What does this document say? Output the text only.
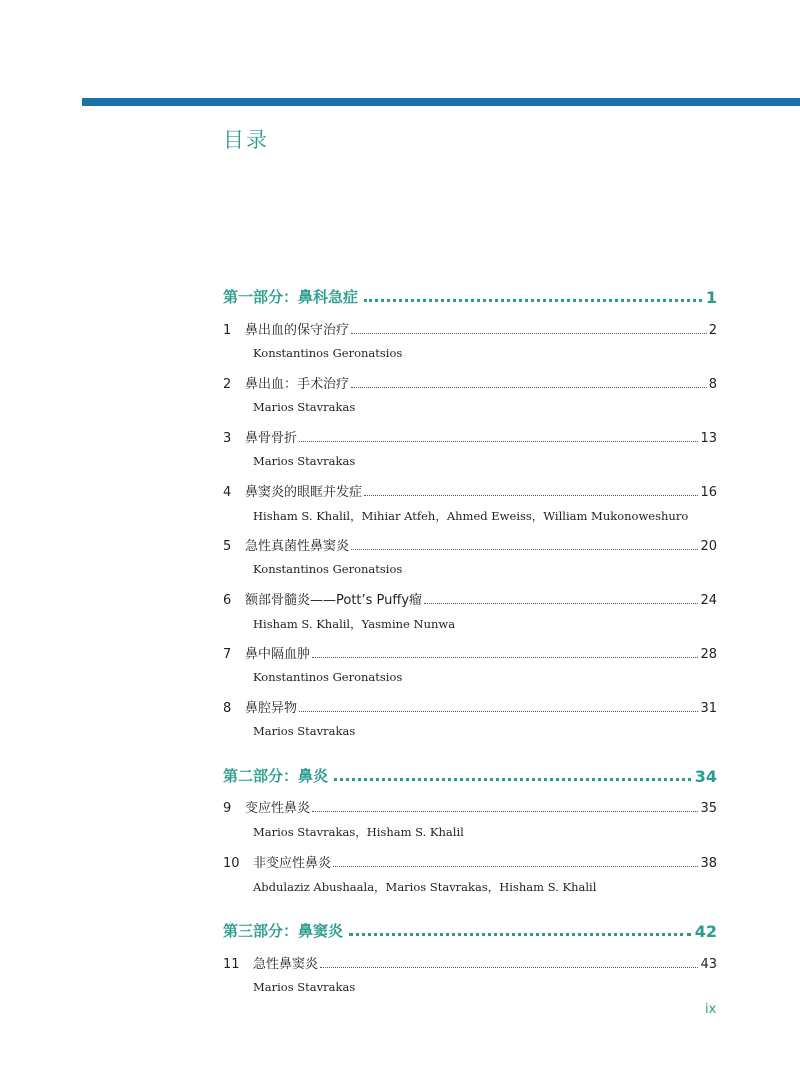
目录
第一部分：鼻科急症	1
1	鼻出血的保守治疗	2
Konstantinos Geronatsios
2	鼻出血：手术治疗	8
Marios Stavrakas
3	鼻骨骨折	13
Marios Stavrakas
4	鼻窦炎的眼眶并发症	16
Hisham S. Khalil，Mihiar Atfeh，Ahmed Eweiss，William Mukonoweshuro
5	急性真菌性鼻窦炎	20
Konstantinos Geronatsios
6	额部骨髓炎——Pott’s Puffy瘤	24
Hisham S. Khalil，Yasmine Nunwa
7	鼻中隔血肿	28
Konstantinos Geronatsios
8	鼻腔异物	31
Marios Stavrakas
第二部分：鼻炎	34
9	变应性鼻炎	35
Marios Stavrakas，Hisham S. Khalil
10	非变应性鼻炎	38
Abdulaziz Abushaala，Marios Stavrakas，Hisham S. Khalil
第三部分：鼻窦炎	42
11	急性鼻窦炎	43
Marios Stavrakas
ix
